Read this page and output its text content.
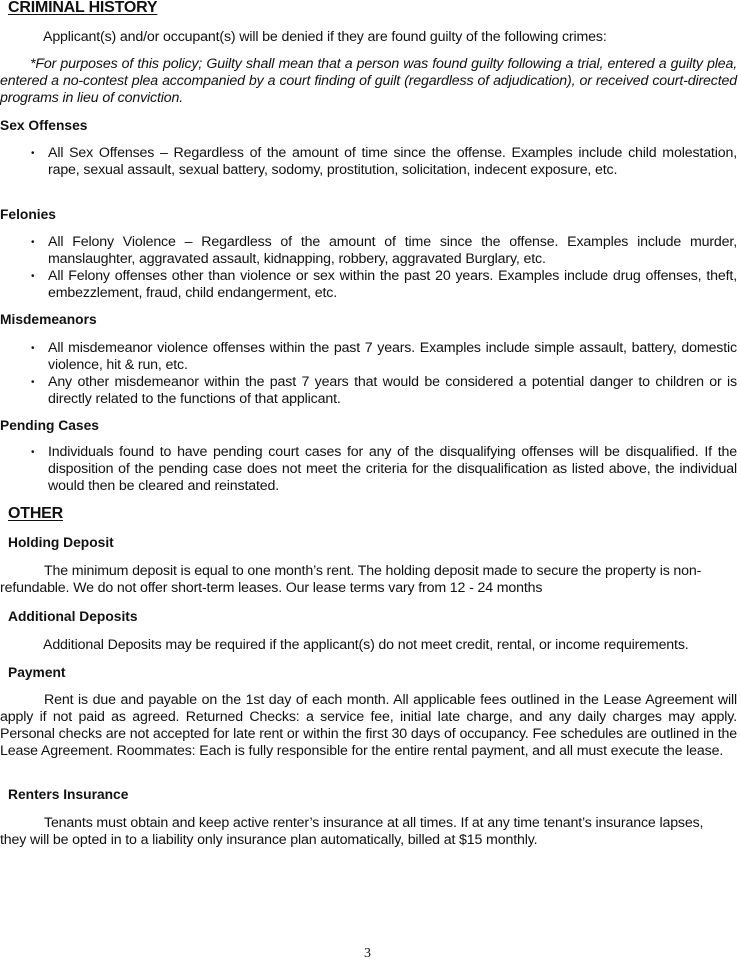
CRIMINAL HISTORY
Applicant(s) and/or occupant(s) will be denied if they are found guilty of the following crimes:
*For purposes of this policy; Guilty shall mean that a person was found guilty following a trial, entered a guilty plea, entered a no-contest plea accompanied by a court finding of guilt (regardless of adjudication), or received court-directed programs in lieu of conviction.
Sex Offenses
• All Sex Offenses – Regardless of the amount of time since the offense. Examples include child molestation, rape, sexual assault, sexual battery, sodomy, prostitution, solicitation, indecent exposure, etc.
Felonies
• All Felony Violence – Regardless of the amount of time since the offense. Examples include murder, manslaughter, aggravated assault, kidnapping, robbery, aggravated Burglary, etc.
• All Felony offenses other than violence or sex within the past 20 years. Examples include drug offenses, theft, embezzlement, fraud, child endangerment, etc.
Misdemeanors
• All misdemeanor violence offenses within the past 7 years. Examples include simple assault, battery, domestic violence, hit & run, etc.
• Any other misdemeanor within the past 7 years that would be considered a potential danger to children or is directly related to the functions of that applicant.
Pending Cases
• Individuals found to have pending court cases for any of the disqualifying offenses will be disqualified. If the disposition of the pending case does not meet the criteria for the disqualification as listed above, the individual would then be cleared and reinstated.
OTHER
Holding Deposit
The minimum deposit is equal to one month’s rent. The holding deposit made to secure the property is non- refundable. We do not offer short-term leases. Our lease terms vary from 12 - 24 months
Additional Deposits
Additional Deposits may be required if the applicant(s) do not meet credit, rental, or income requirements.
Payment
Rent is due and payable on the 1st day of each month. All applicable fees outlined in the Lease Agreement will apply if not paid as agreed. Returned Checks: a service fee, initial late charge, and any daily charges may apply. Personal checks are not accepted for late rent or within the first 30 days of occupancy. Fee schedules are outlined in the Lease Agreement. Roommates: Each is fully responsible for the entire rental payment, and all must execute the lease.
Renters Insurance
Tenants must obtain and keep active renter’s insurance at all times. If at any time tenant’s insurance lapses, they will be opted in to a liability only insurance plan automatically, billed at $15 monthly.
3
